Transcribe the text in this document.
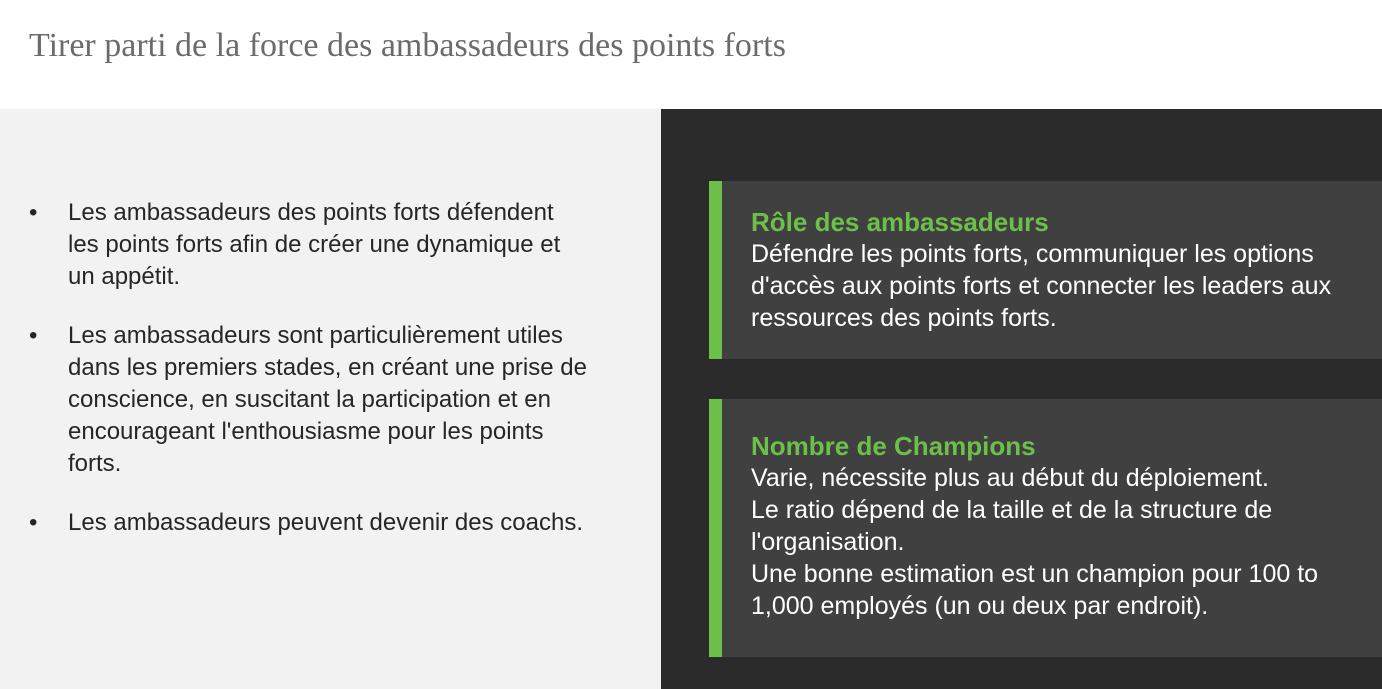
Tirer parti de la force des ambassadeurs des points forts
• Les ambassadeurs des points forts défendent les points forts afin de créer une dynamique et un appétit.
• Les ambassadeurs sont particulièrement utiles dans les premiers stades, en créant une prise de conscience, en suscitant la participation et en encourageant l'enthousiasme pour les points forts.
• Les ambassadeurs peuvent devenir des coachs.
Rôle des ambassadeurs

Défendre les points forts, communiquer les options d'accès aux points forts et connecter les leaders aux ressources des points forts.

Nombre de Champions

Varie, nécessite plus au début du déploiement.

Le ratio dépend de la taille et de la structure de l'organisation.

Une bonne estimation est un champion pour 100 to 1,000 employés (un ou deux par endroit).
